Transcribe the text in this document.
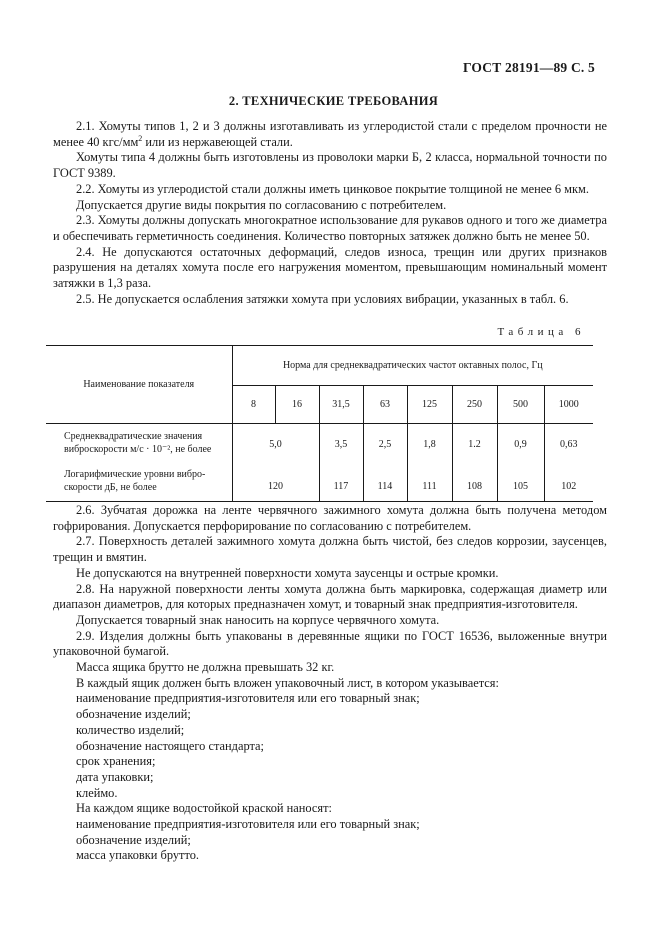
ГОСТ 28191—89 С. 5
2. ТЕХНИЧЕСКИЕ ТРЕБОВАНИЯ

2.1. Хомуты типов 1, 2 и 3 должны изготавливать из углеродистой стали с пределом прочности не менее 40 кгс/$мм^2$ или из нержавеющей стали.

Хомуты типа 4 должны быть изготовлены из проволоки марки Б, 2 класса, нормальной точности по ГОСТ 9389.

2.2. Хомуты из углеродистой стали должны иметь цинковое покрытие толщиной не менее 6 мкм.

Допускается другие виды покрытия по согласованию с потребителем.

2.3. Хомуты должны допускать многократное использование для рукавов одного и того же диаметра и обеспечивать герметичность соединения. Количество повторных затяжек должно быть не менее 50.

2.4. Не допускаются остаточных деформаций, следов износа, трещин или других признаков разрушения на деталях хомута после его нагружения моментом, превышающим номинальный момент затяжки в 1,3 раза.

2.5. Не допускается ослабления затяжки хомута при условиях вибрации, указанных в табл. 6.

Таблица 6
Наименование показателя	Норма для среднеквадратических частот октавных полос, Гц							
	8	16	31,5	63	125	250	500	1000

Среднеквадратические значения
виброскорости м/с · 10⁻², не более	5,0		3,5	2,5	1,8	1.2	0,9	0,63

Логарифмические уровни вибро-
скорости дБ, не более	120		117	114	111	108	105	102

2.6. Зубчатая дорожка на ленте червячного зажимного хомута должна быть получена методом гофрирования. Допускается перфорирование по согласованию с потребителем.

2.7. Поверхность деталей зажимного хомута должна быть чистой, без следов коррозии, заусенцев, трещин и вмятин.

Не допускаются на внутренней поверхности хомута заусенцы и острые кромки.

2.8. На наружной поверхности ленты хомута должна быть маркировка, содержащая диаметр или диапазон диаметров, для которых предназначен хомут, и товарный знак предприятия-изготовителя.

Допускается товарный знак наносить на корпусе червячного хомута.

2.9. Изделия должны быть упакованы в деревянные ящики по ГОСТ 16536, выложенные внутри упаковочной бумагой.

Масса ящика брутто не должна превышать 32 кг.

В каждый ящик должен быть вложен упаковочный лист, в котором указывается:

наименование предприятия-изготовителя или его товарный знак;

обозначение изделий;

количество изделий;

обозначение настоящего стандарта;

срок хранения;

дата упаковки;

клеймо.

На каждом ящике водостойкой краской наносят:

наименование предприятия-изготовителя или его товарный знак;

обозначение изделий;

масса упаковки брутто.
